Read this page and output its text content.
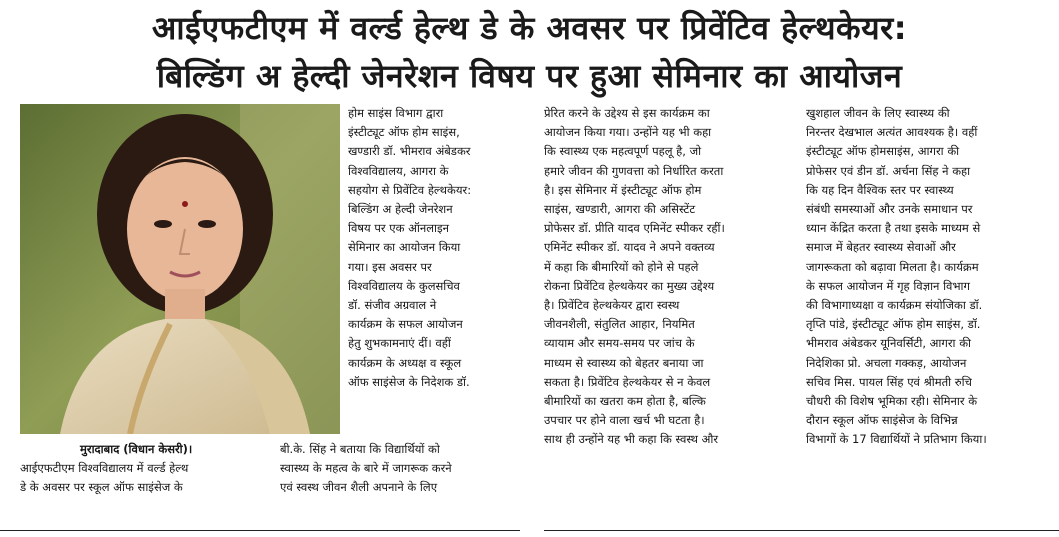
आईएफटीएम में वर्ल्ड हेल्थ डे के अवसर पर प्रिवेंटिव हेल्थकेयर:
बिल्डिंग अ हेल्दी जेनरेशन विषय पर हुआ सेमिनार का आयोजन
मुरादाबाद (विधान केसरी)।
आईएफटीएम विश्वविद्यालय में वर्ल्ड हेल्थ
डे के अवसर पर स्कूल ऑफ साइंसेज के
होम साइंस विभाग द्वारा
इंस्टीट्यूट ऑफ होम साइंस,
खण्डारी डॉ. भीमराव अंबेडकर
विश्वविद्यालय, आगरा के
सहयोग से प्रिवेंटिव हेल्थकेयर:
बिल्डिंग अ हेल्दी जेनरेशन
विषय पर एक ऑनलाइन
सेमिनार का आयोजन किया
गया। इस अवसर पर
विश्वविद्यालय के कुलसचिव
डॉ. संजीव अग्रवाल ने
कार्यक्रम के सफल आयोजन
हेतु शुभकामनाएं दीं। वहीं
कार्यक्रम के अध्यक्ष व स्कूल
ऑफ साइंसेज के निदेशक डॉ.
बी.के. सिंह ने बताया कि विद्यार्थियों को
स्वास्थ्य के महत्व के बारे में जागरूक करने
एवं स्वस्थ जीवन शैली अपनाने के लिए
प्रेरित करने के उद्देश्य से इस कार्यक्रम का
आयोजन किया गया। उन्होंने यह भी कहा
कि स्वास्थ्य एक महत्वपूर्ण पहलू है, जो
हमारे जीवन की गुणवत्ता को निर्धारित करता
है। इस सेमिनार में इंस्टीट्यूट ऑफ होम
साइंस, खण्डारी, आगरा की असिस्टेंट
प्रोफेसर डॉ. प्रीति यादव एमिनेंट स्पीकर रहीं।
एमिनेंट स्पीकर डॉ. यादव ने अपने वक्तव्य
में कहा कि बीमारियों को होने से पहले
रोकना प्रिवेंटिव हेल्थकेयर का मुख्य उद्देश्य
है। प्रिवेंटिव हेल्थकेयर द्वारा स्वस्थ
जीवनशैली, संतुलित आहार, नियमित
व्यायाम और समय-समय पर जांच के
माध्यम से स्वास्थ्य को बेहतर बनाया जा
सकता है। प्रिवेंटिव हेल्थकेयर से न केवल
बीमारियों का खतरा कम होता है, बल्कि
उपचार पर होने वाला खर्च भी घटता है।
साथ ही उन्होंने यह भी कहा कि स्वस्थ और
खुशहाल जीवन के लिए स्वास्थ्य की
निरन्तर देखभाल अत्यंत आवश्यक है। वहीं
इंस्टीट्यूट ऑफ होमसाइंस, आगरा की
प्रोफेसर एवं डीन डॉ. अर्चना सिंह ने कहा
कि यह दिन वैश्विक स्तर पर स्वास्थ्य
संबंधी समस्याओं और उनके समाधान पर
ध्यान केंद्रित करता है तथा इसके माध्यम से
समाज में बेहतर स्वास्थ्य सेवाओं और
जागरूकता को बढ़ावा मिलता है। कार्यक्रम
के सफल आयोजन में गृह विज्ञान विभाग
की विभागाध्यक्षा व कार्यक्रम संयोजिका डॉ.
तृप्ति पांडे, इंस्टीट्यूट ऑफ होम साइंस, डॉ.
भीमराव अंबेडकर यूनिवर्सिटी, आगरा की
निदेशिका प्रो. अचला गक्कड़, आयोजन
सचिव मिस. पायल सिंह एवं श्रीमती रुचि
चौधरी की विशेष भूमिका रही। सेमिनार के
दौरान स्कूल ऑफ साइंसेज के विभिन्न
विभागों के 17 विद्यार्थियों ने प्रतिभाग किया।
